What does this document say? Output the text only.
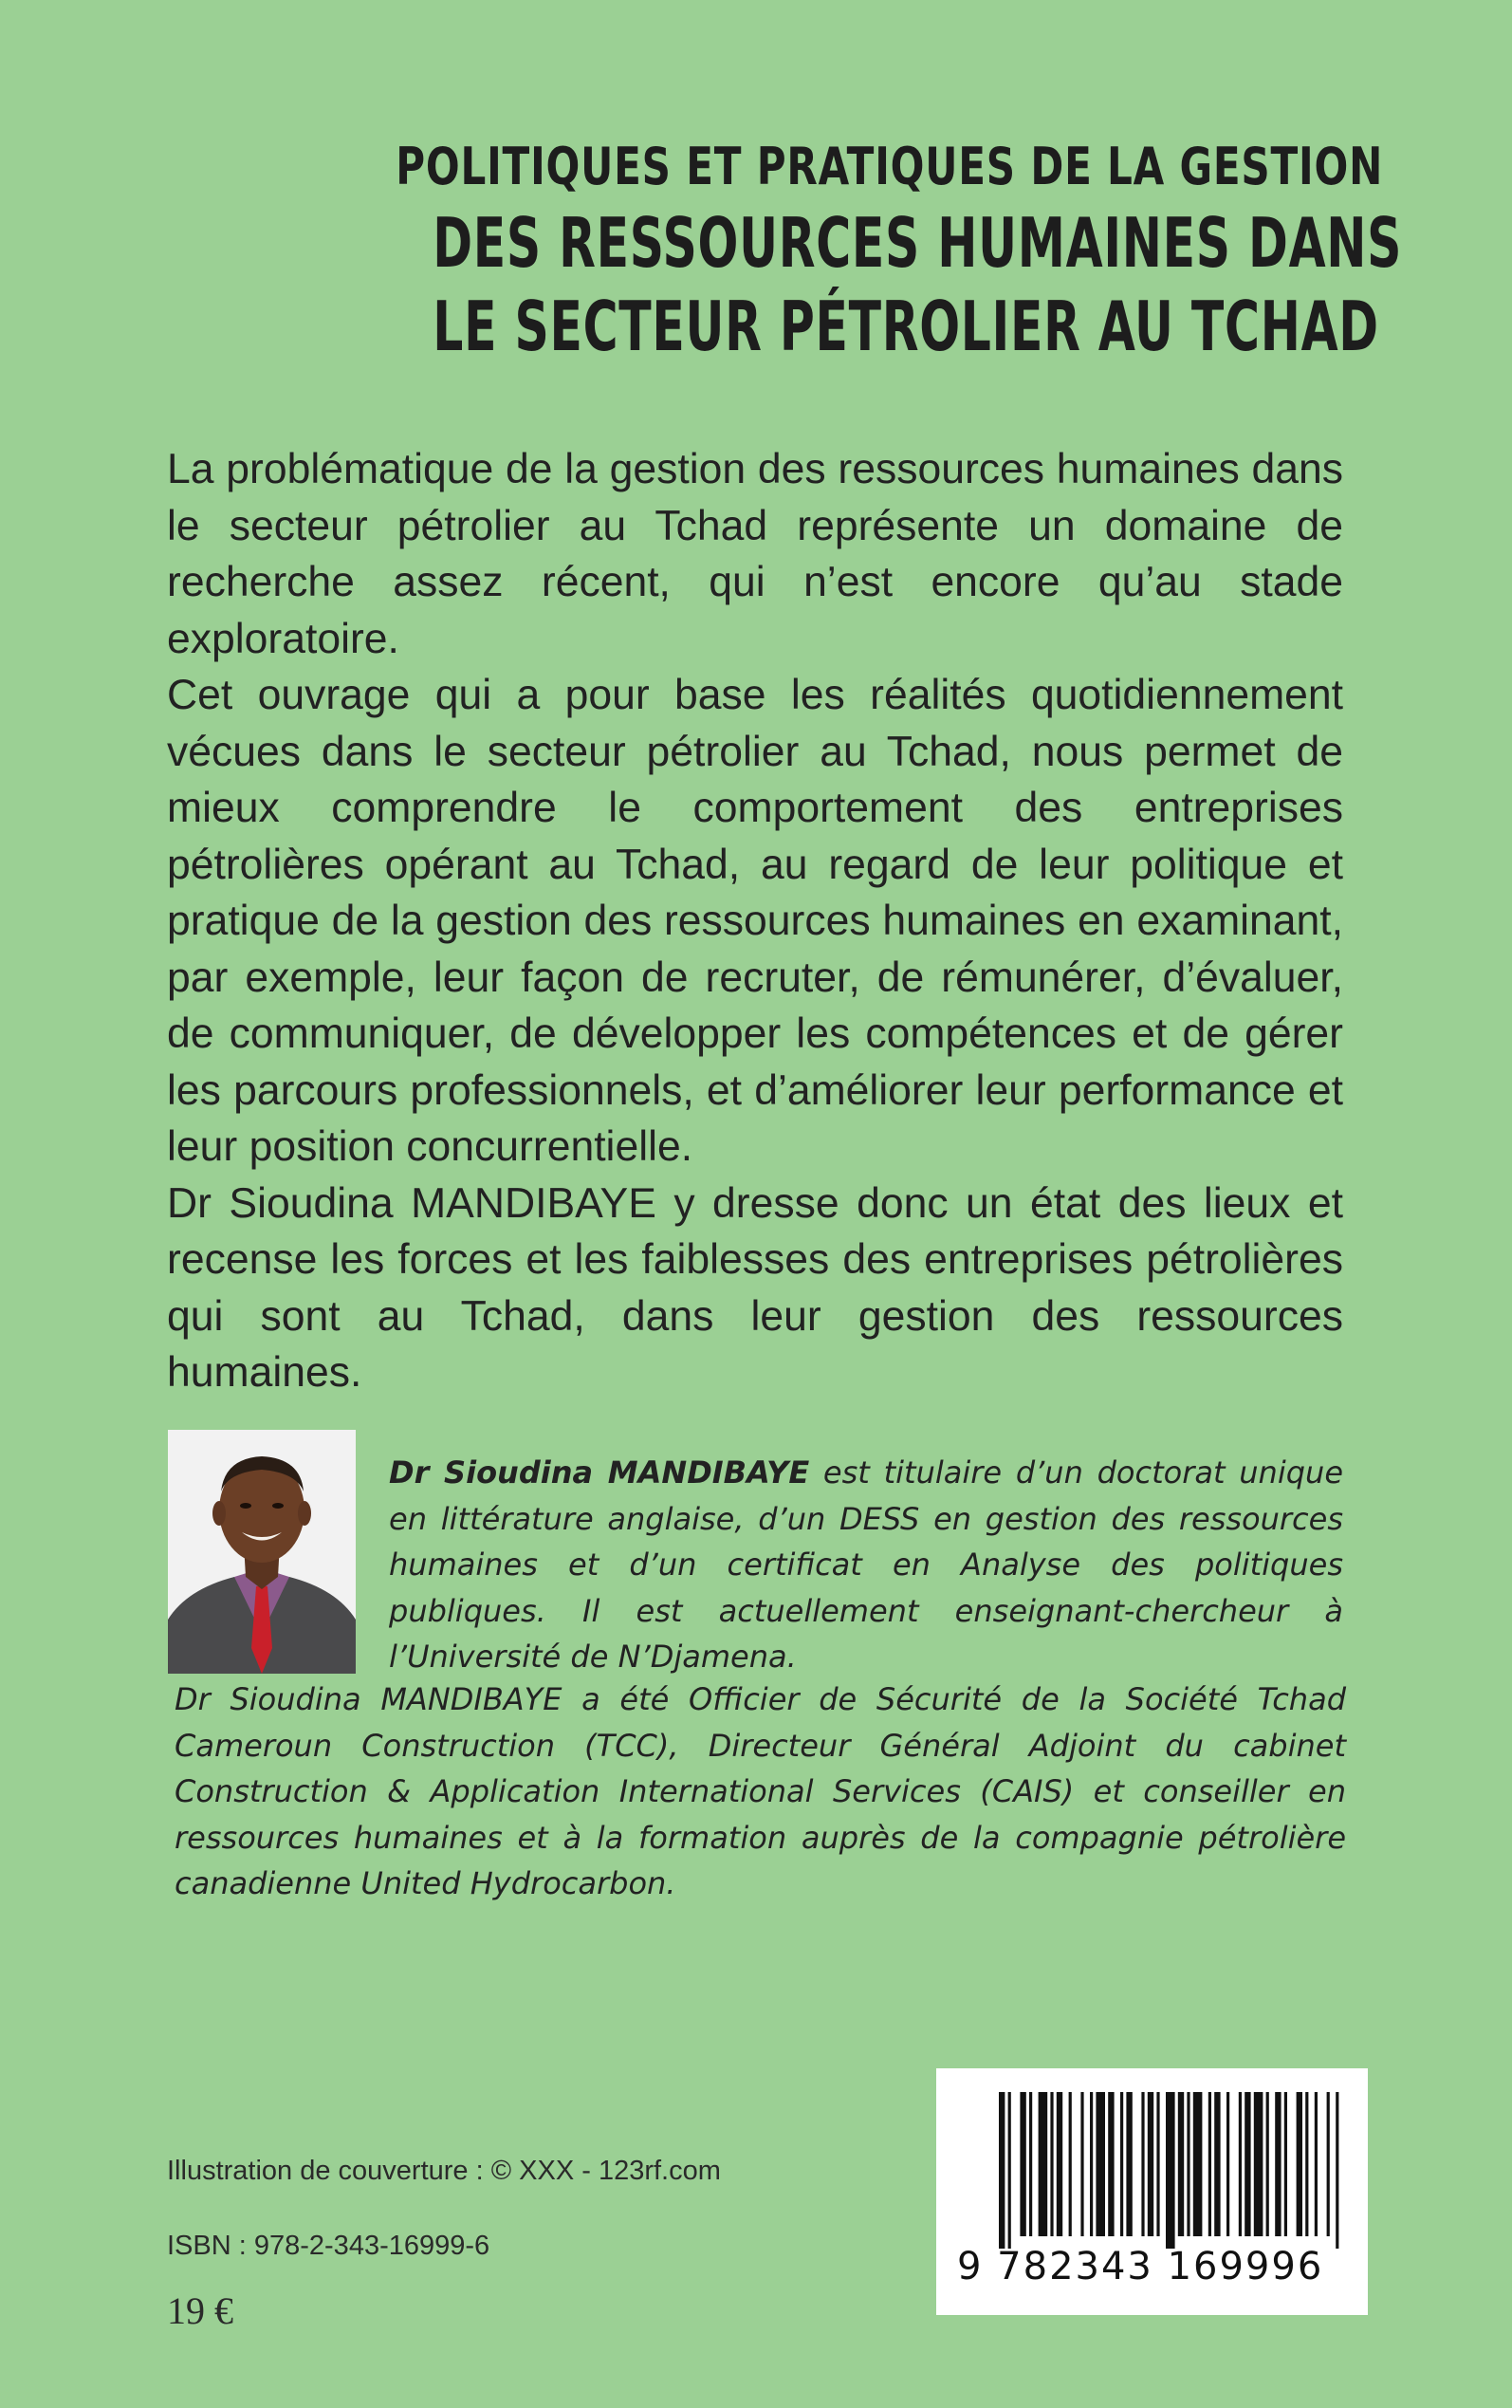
POLITIQUES ET PRATIQUES DE LA GESTION
DES RESSOURCES HUMAINES DANS
LE SECTEUR PÉTROLIER AU TCHAD

La problématique de la gestion des ressources humaines dans le secteur pétrolier au Tchad représente un domaine de recherche assez récent, qui n’est encore qu’au stade exploratoire.

Cet ouvrage qui a pour base les réalités quotidiennement vécues dans le secteur pétrolier au Tchad, nous permet de mieux comprendre le comportement des entreprises pétrolières opérant au Tchad, au regard de leur politique et pratique de la gestion des ressources humaines en examinant, par exemple, leur façon de recruter, de rémunérer, d’évaluer, de communiquer, de développer les compétences et de gérer les parcours professionnels, et d’améliorer leur performance et leur position concurrentielle.

Dr Sioudina MANDIBAYE y dresse donc un état des lieux et recense les forces et les faiblesses des entreprises pétrolières qui sont au Tchad, dans leur gestion des ressources humaines.

Dr Sioudina MANDIBAYE est titulaire d’un doctorat unique en littérature anglaise, d’un DESS en gestion des ressources humaines et d’un certificat en Analyse des politiques publiques. Il est actuellement enseignant-chercheur à l’Université de N’Djamena.

Dr Sioudina MANDIBAYE a été Officier de Sécurité de la Société Tchad Cameroun Construction (TCC), Directeur Général Adjoint du cabinet Construction & Application International Services (CAIS) et conseiller en ressources humaines et à la formation auprès de la compagnie pétrolière canadienne United Hydrocarbon.

Illustration de couverture : © XXX - 123rf.com
ISBN : 978-2-343-16999-6
19 €
9 782343 169996
